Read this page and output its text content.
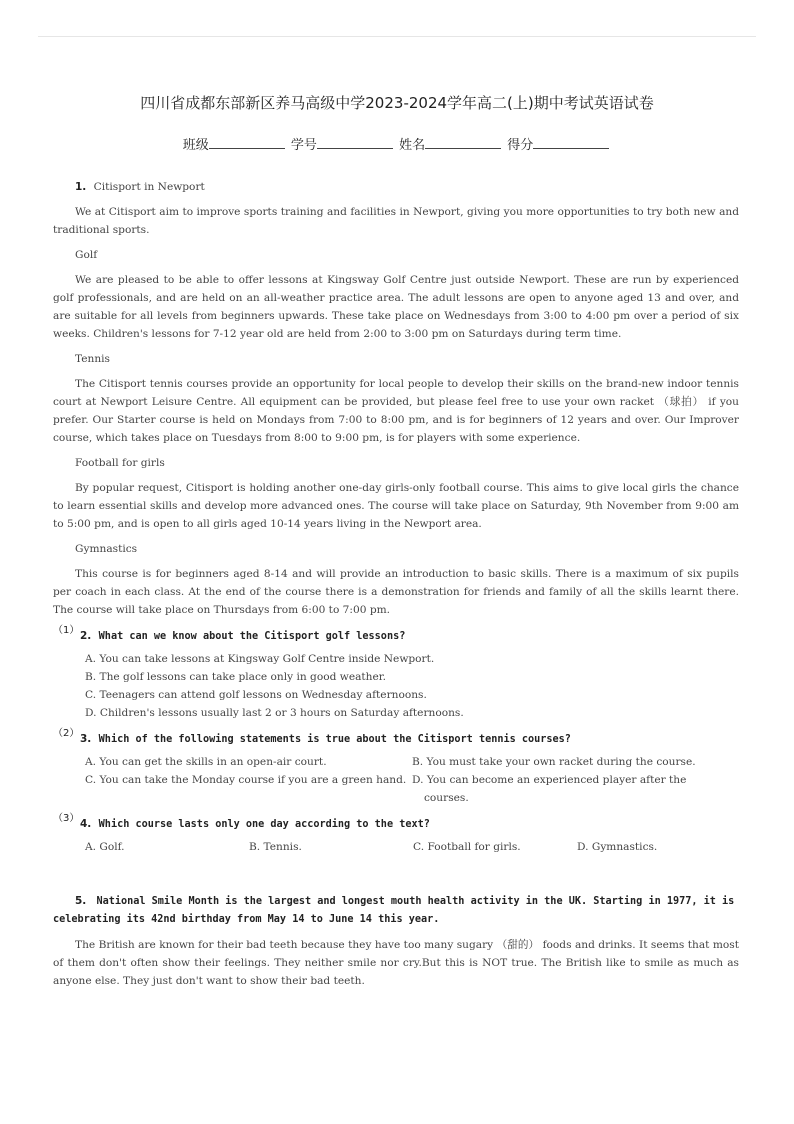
四川省成都东部新区养马高级中学2023-2024学年高二(上)期中考试英语试卷
班级	学号	姓名	得分
1. Citisport in Newport

We at Citisport aim to improve sports training and facilities in Newport, giving you more opportunities to try both new and traditional sports.

Golf

We are pleased to be able to offer lessons at Kingsway Golf Centre just outside Newport. These are run by experienced golf professionals, and are held on an all-weather practice area. The adult lessons are open to anyone aged 13 and over, and are suitable for all levels from beginners upwards. These take place on Wednesdays from 3:00 to 4:00 pm over a period of six weeks. Children's lessons for 7-12 year old are held from 2:00 to 3:00 pm on Saturdays during term time.

Tennis

The Citisport tennis courses provide an opportunity for local people to develop their skills on the brand-new indoor tennis court at Newport Leisure Centre. All equipment can be provided, but please feel free to use your own racket （球拍） if you prefer. Our Starter course is held on Mondays from 7:00 to 8:00 pm, and is for beginners of 12 years and over. Our Improver course, which takes place on Tuesdays from 8:00 to 9:00 pm, is for players with some experience.

Football for girls

By popular request, Citisport is holding another one-day girls-only football course. This aims to give local girls the chance to learn essential skills and develop more advanced ones. The course will take place on Saturday, 9th November from 9:00 am to 5:00 pm, and is open to all girls aged 10-14 years living in the Newport area.

Gymnastics

This course is for beginners aged 8-14 and will provide an introduction to basic skills. There is a maximum of six pupils per coach in each class. At the end of the course there is a demonstration for friends and family of all the skills learnt there. The course will take place on Thursdays from 6:00 to 7:00 pm.

（1） 2. What can we know about the Citisport golf lessons?

A. You can take lessons at Kingsway Golf Centre inside Newport.

B. The golf lessons can take place only in good weather.

C. Teenagers can attend golf lessons on Wednesday afternoons.

D. Children's lessons usually last 2 or 3 hours on Saturday afternoons.

（2） 3. Which of the following statements is true about the Citisport tennis courses?

A. You can get the skills in an open-air court.	B. You must take your own racket during the course.

C. You can take the Monday course if you are a green hand. D. You can become an experienced player after the courses.

（3） 4. Which course lasts only one day according to the text?

A. Golf.	B. Tennis.	C. Football for girls.	D. Gymnastics.

5. National Smile Month is the largest and longest mouth health activity in the UK. Starting in 1977, it is celebrating its 42nd birthday from May 14 to June 14 this year.

The British are known for their bad teeth because they have too many sugary （甜的） foods and drinks. It seems that most of them don't often show their feelings. They neither smile nor cry.But this is NOT true. The British like to smile as much as anyone else. They just don't want to show their bad teeth.
